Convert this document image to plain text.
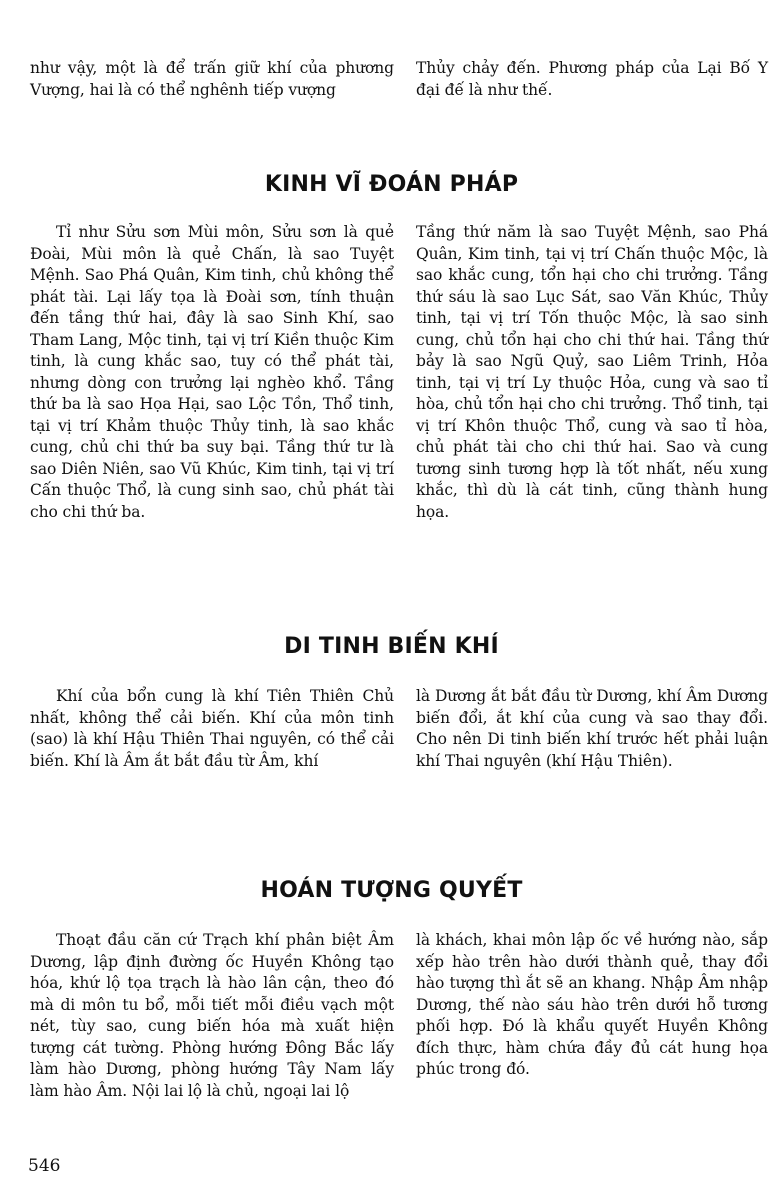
như vậy, một là để trấn giữ khí của phương Vượng, hai là có thể nghênh tiếp vượng

Thủy chảy đến. Phương pháp của Lại Bố Y đại đế là như thế.

KINH VĨ ĐOÁN PHÁP

Tỉ như Sửu sơn Mùi môn, Sửu sơn là quẻ Đoài, Mùi môn là quẻ Chấn, là sao Tuyệt Mệnh. Sao Phá Quân, Kim tinh, chủ không thể phát tài. Lại lấy tọa là Đoài sơn, tính thuận đến tầng thứ hai, đây là sao Sinh Khí, sao Tham Lang, Mộc tinh, tại vị trí Kiền thuộc Kim tinh, là cung khắc sao, tuy có thể phát tài, nhưng dòng con trưởng lại nghèo khổ. Tầng thứ ba là sao Họa Hại, sao Lộc Tồn, Thổ tinh, tại vị trí Khảm thuộc Thủy tinh, là sao khắc cung, chủ chi thứ ba suy bại. Tầng thứ tư là sao Diên Niên, sao Vũ Khúc, Kim tinh, tại vị trí Cấn thuộc Thổ, là cung sinh sao, chủ phát tài cho chi thứ ba.

Tầng thứ năm là sao Tuyệt Mệnh, sao Phá Quân, Kim tinh, tại vị trí Chấn thuộc Mộc, là sao khắc cung, tổn hại cho chi trưởng. Tầng thứ sáu là sao Lục Sát, sao Văn Khúc, Thủy tinh, tại vị trí Tốn thuộc Mộc, là sao sinh cung, chủ tổn hại cho chi thứ hai. Tầng thứ bảy là sao Ngũ Quỷ, sao Liêm Trinh, Hỏa tinh, tại vị trí Ly thuộc Hỏa, cung và sao tỉ hòa, chủ tổn hại cho chi trưởng. Thổ tinh, tại vị trí Khôn thuộc Thổ, cung và sao tỉ hòa, chủ phát tài cho chi thứ hai. Sao và cung tương sinh tương hợp là tốt nhất, nếu xung khắc, thì dù là cát tinh, cũng thành hung họa.

DI TINH BIẾN KHÍ

Khí của bổn cung là khí Tiên Thiên Chủ nhất, không thể cải biến. Khí của môn tinh (sao) là khí Hậu Thiên Thai nguyên, có thể cải biến. Khí là Âm ắt bắt đầu từ Âm, khí

là Dương ắt bắt đầu từ Dương, khí Âm Dương biến đổi, ắt khí của cung và sao thay đổi. Cho nên Di tinh biến khí trước hết phải luận khí Thai nguyên (khí Hậu Thiên).

HOÁN TƯỢNG QUYẾT

Thoạt đầu căn cứ Trạch khí phân biệt Âm Dương, lập định đường ốc Huyền Không tạo hóa, khứ lộ tọa trạch là hào lân cận, theo đó mà di môn tu bổ, mỗi tiết mỗi điều vạch một nét, tùy sao, cung biến hóa mà xuất hiện tượng cát tường. Phòng hướng Đông Bắc lấy làm hào Dương, phòng hướng Tây Nam lấy làm hào Âm. Nội lai lộ là chủ, ngoại lai lộ

là khách, khai môn lập ốc về hướng nào, sắp xếp hào trên hào dưới thành quẻ, thay đổi hào tượng thì ắt sẽ an khang. Nhập Âm nhập Dương, thế nào sáu hào trên dưới hỗ tương phối hợp. Đó là khẩu quyết Huyền Không đích thực, hàm chứa đầy đủ cát hung họa phúc trong đó.

546
